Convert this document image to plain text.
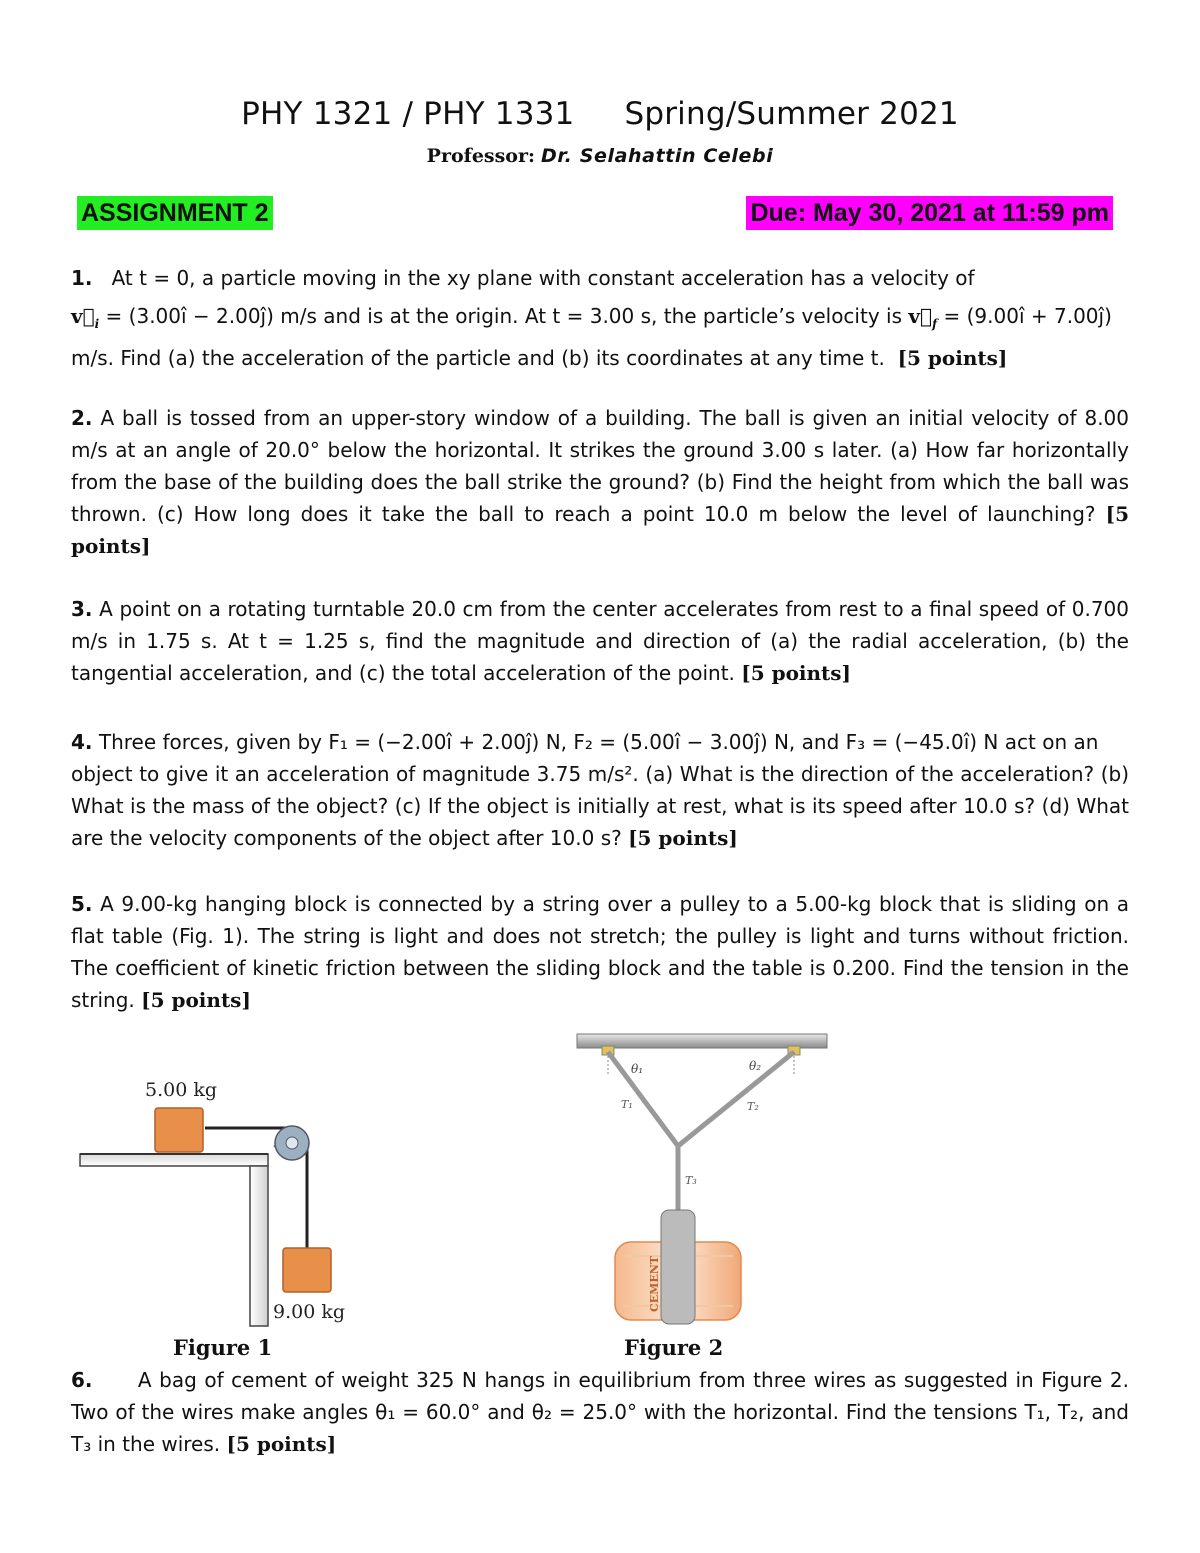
PHY 1321 / PHY 1331 Spring/Summer 2021
Professor: Dr. Selahattin Celebi
ASSIGNMENT 2	Due: May 30, 2021 at 11:59 pm
1. At t = 0, a particle moving in the xy plane with constant acceleration has a velocity of
$v⃗_i$ = (3.00î − 2.00ĵ) m/s and is at the origin. At t = 3.00 s, the particle’s velocity is $v⃗_f$ = (9.00î + 7.00ĵ)
m/s. Find (a) the acceleration of the particle and (b) its coordinates at any time t. [5 points]
2. A ball is tossed from an upper-story window of a building. The ball is given an initial velocity of 8.00 m/s at an angle of 20.0° below the horizontal. It strikes the ground 3.00 s later. (a) How far horizontally from the base of the building does the ball strike the ground? (b) Find the height from which the ball was thrown. (c) How long does it take the ball to reach a point 10.0 m below the level of launching? [5 points]
3. A point on a rotating turntable 20.0 cm from the center accelerates from rest to a final speed of 0.700 m/s in 1.75 s. At t = 1.25 s, find the magnitude and direction of (a) the radial acceleration, (b) the tangential acceleration, and (c) the total acceleration of the point. [5 points]
4. Three forces, given by F₁ = (−2.00î + 2.00ĵ) N, F₂ = (5.00î − 3.00ĵ) N, and F₃ = (−45.0î) N act on an
object to give it an acceleration of magnitude 3.75 m/s². (a) What is the direction of the acceleration? (b) What is the mass of the object? (c) If the object is initially at rest, what is its speed after 10.0 s? (d) What are the velocity components of the object after 10.0 s? [5 points]
5. A 9.00-kg hanging block is connected by a string over a pulley to a 5.00-kg block that is sliding on a flat table (Fig. 1). The string is light and does not stretch; the pulley is light and turns without friction. The coefficient of kinetic friction between the sliding block and the table is 0.200. Find the tension in the string. [5 points]
5.00 kg
9.00 kg
θ₁	θ₂
T₁	T₂
T₃
CEMENT
Figure 1	Figure 2
6. A bag of cement of weight 325 N hangs in equilibrium from three wires as suggested in Figure 2. Two of the wires make angles θ₁ = 60.0° and θ₂ = 25.0° with the horizontal. Find the tensions T₁, T₂, and T₃ in the wires. [5 points]
